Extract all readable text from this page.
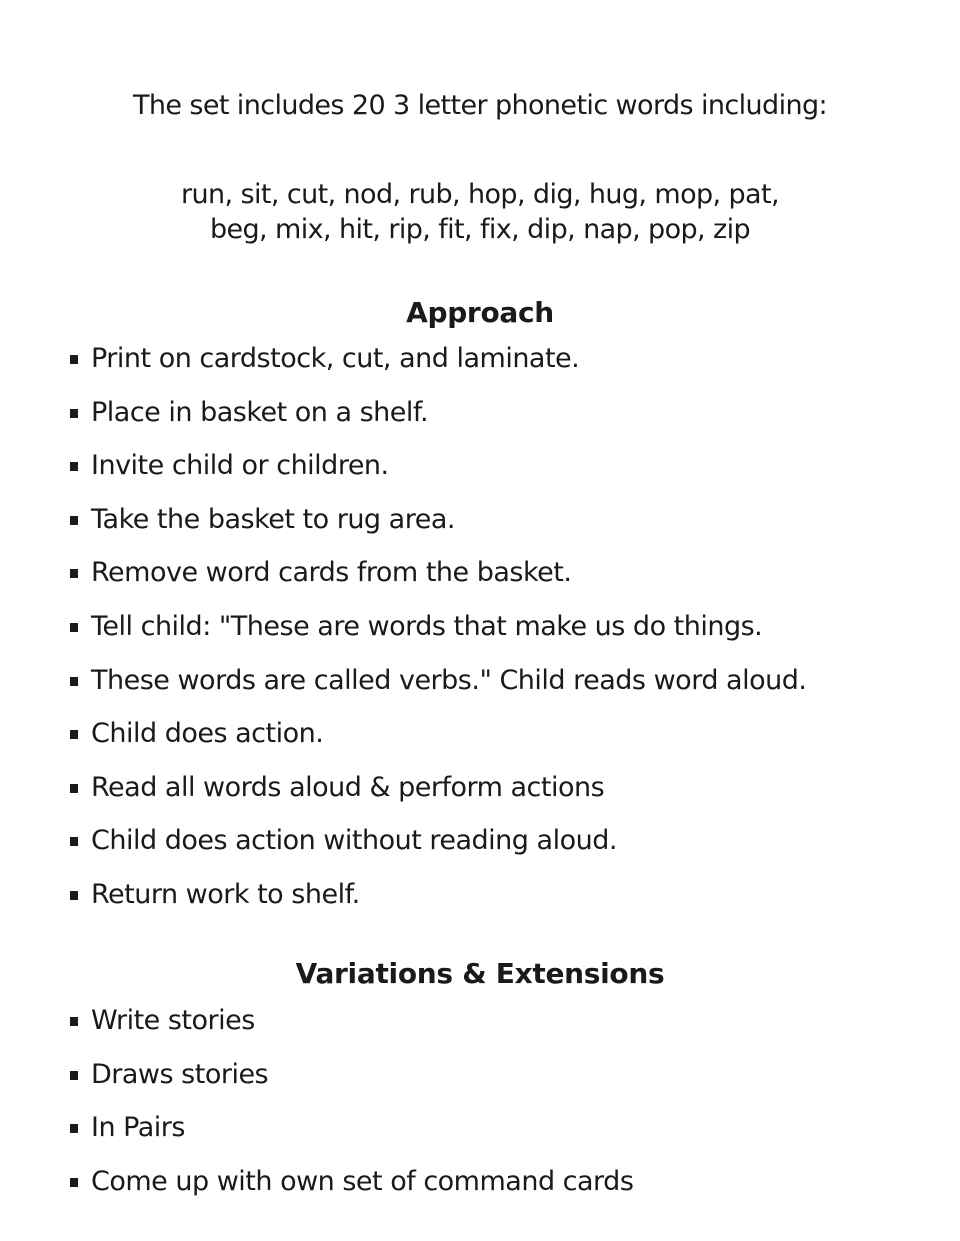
The set includes 20 3 letter phonetic words including:
run, sit, cut, nod, rub, hop, dig, hug, mop, pat,
beg, mix, hit, rip, fit, fix, dip, nap, pop, zip
Approach
Print on cardstock, cut, and laminate.
Place in basket on a shelf.
Invite child or children.
Take the basket to rug area.
Remove word cards from the basket.
Tell child: "These are words that make us do things.
These words are called verbs." Child reads word aloud.
Child does action.
Read all words aloud & perform actions
Child does action without reading aloud.
Return work to shelf.
Variations & Extensions
Write stories
Draws stories
In Pairs
Come up with own set of command cards
